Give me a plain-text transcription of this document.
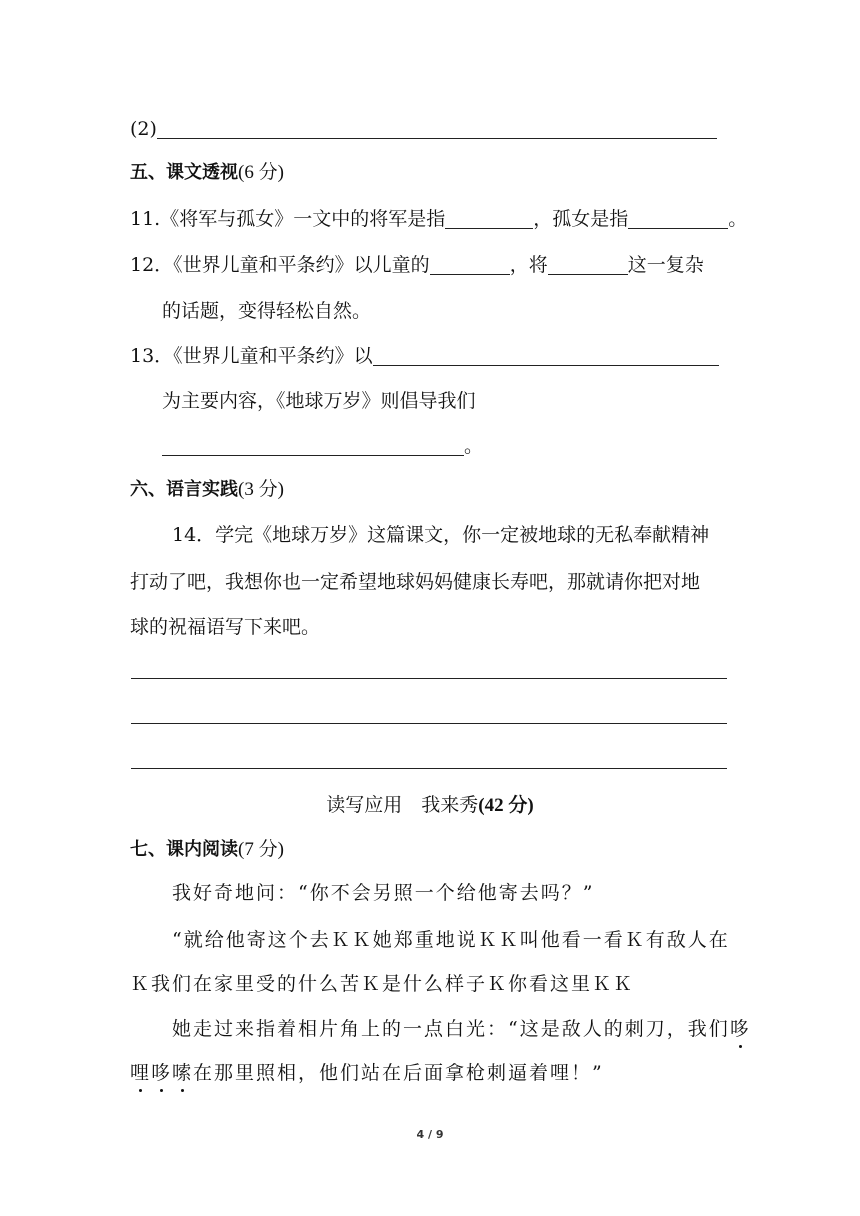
(2)
五、课文透视(6 分)
11.《将军与孤女》一文中的将军是指	，孤女是指	。
12．《世界儿童和平条约》以儿童的	，将	这一复杂
的话题，变得轻松自然。
13．《世界儿童和平条约》以
为主要内容，《地球万岁》则倡导我们
。
六、语言实践(3 分)
14．学完《地球万岁》这篇课文，你一定被地球的无私奉献精神
打动了吧，我想你也一定希望地球妈妈健康长寿吧，那就请你把对地
球的祝福语写下来吧。
读写应用　我来秀(42 分)
七、课内阅读(7 分)
我好奇地问：“你不会另照一个给他寄去吗？”
“就给他寄这个去ＫＫ她郑重地说ＫＫ叫他看一看Ｋ有敌人在
Ｋ我们在家里受的什么苦Ｋ是什么样子Ｋ你看这里ＫＫ
她走过来指着相片角上的一点白光：“这是敌人的刺刀，我们哆
哩哆嗦在那里照相，他们站在后面拿枪刺逼着哩！”
4 / 9
